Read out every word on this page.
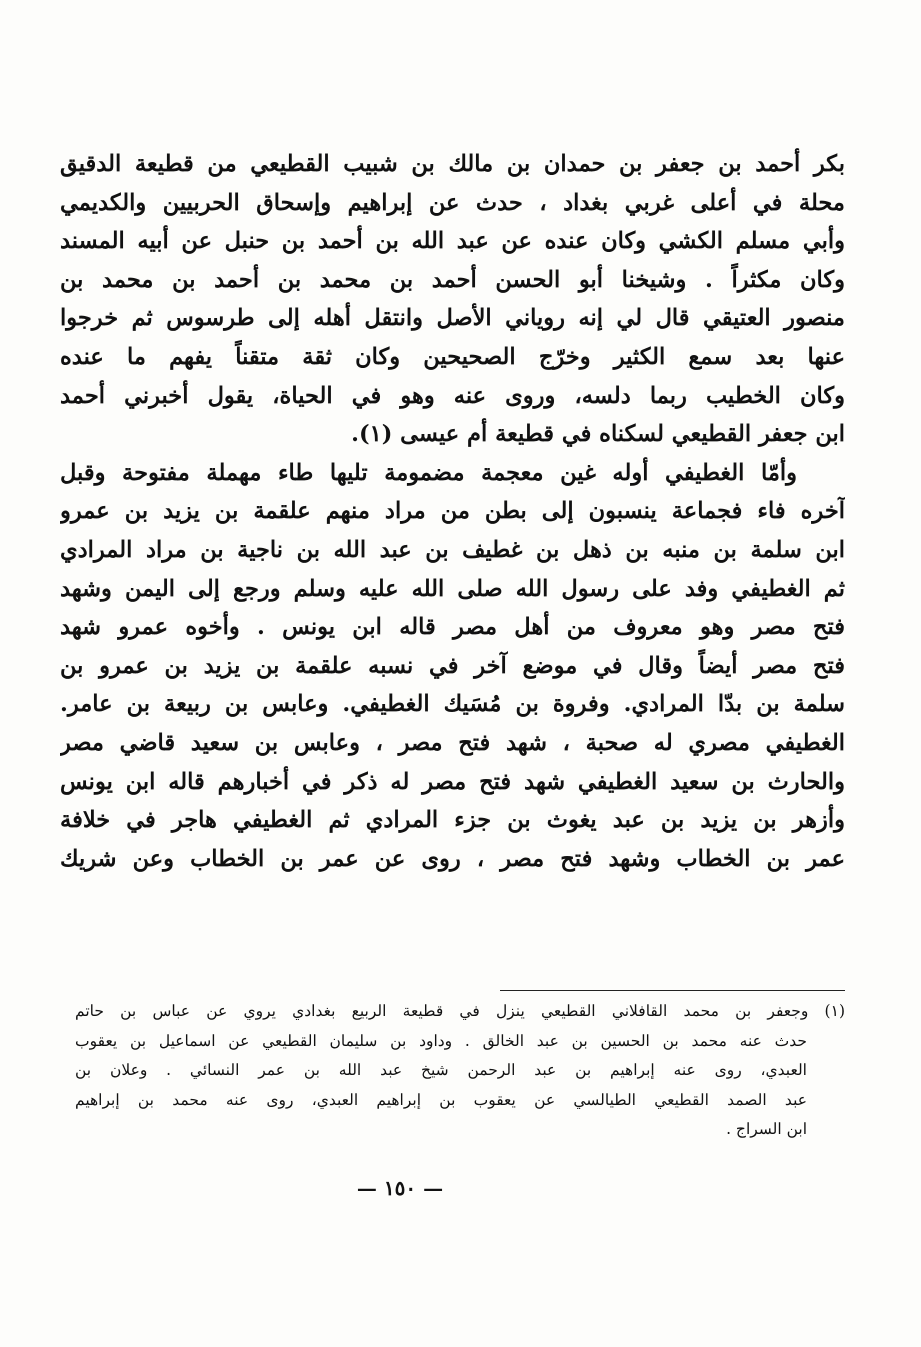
بكر أحمد بن جعفر بن حمدان بن مالك بن شبيب القطيعي من قطيعة الدقيق
محلة في أعلى غربي بغداد ، حدث عن إبراهيم وإسحاق الحربيين والكديمي
وأبي مسلم الكشي وكان عنده عن عبد الله بن أحمد بن حنبل عن أبيه المسند
وكان مكثراً . وشيخنا أبو الحسن أحمد بن محمد بن أحمد بن محمد بن
منصور العتيقي قال لي إنه روياني الأصل وانتقل أهله إلى طرسوس ثم خرجوا
عنها بعد سمع الكثير وخرّج الصحيحين وكان ثقة متقناً يفهم ما عنده
وكان الخطيب ربما دلسه، وروى عنه وهو في الحياة، يقول أخبرني أحمد
ابن جعفر القطيعي لسكناه في قطيعة أم عيسى (١).
وأمّا الغطيفي أوله غين معجمة مضمومة تليها طاء مهملة مفتوحة وقبل
آخره فاء فجماعة ينسبون إلى بطن من مراد منهم علقمة بن يزيد بن عمرو
ابن سلمة بن منبه بن ذهل بن غطيف بن عبد الله بن ناجية بن مراد المرادي
ثم الغطيفي وفد على رسول الله صلى الله عليه وسلم ورجع إلى اليمن وشهد
فتح مصر وهو معروف من أهل مصر قاله ابن يونس . وأخوه عمرو شهد
فتح مصر أيضاً وقال في موضع آخر في نسبه علقمة بن يزيد بن عمرو بن
سلمة بن بدّا المرادي. وفروة بن مُسَيك الغطيفي. وعابس بن ربيعة بن عامر.
الغطيفي مصري له صحبة ، شهد فتح مصر ، وعابس بن سعيد قاضي مصر
والحارث بن سعيد الغطيفي شهد فتح مصر له ذكر في أخبارهم قاله ابن يونس
وأزهر بن يزيد بن عبد يغوث بن جزء المرادي ثم الغطيفي هاجر في خلافة
عمر بن الخطاب وشهد فتح مصر ، روى عن عمر بن الخطاب وعن شريك
(١) وجعفر بن محمد القافلاني القطيعي ينزل في قطيعة الربيع بغدادي يروي عن عباس بن حاتم
حدث عنه محمد بن الحسين بن عبد الخالق . وداود بن سليمان القطيعي عن اسماعيل بن يعقوب
العبدي، روى عنه إبراهيم بن عبد الرحمن شيخ عبد الله بن عمر النسائي . وعلان بن
عبد الصمد القطيعي الطيالسي عن يعقوب بن إبراهيم العبدي، روى عنه محمد بن إبراهيم
ابن السراج .
— ١٥٠ —
